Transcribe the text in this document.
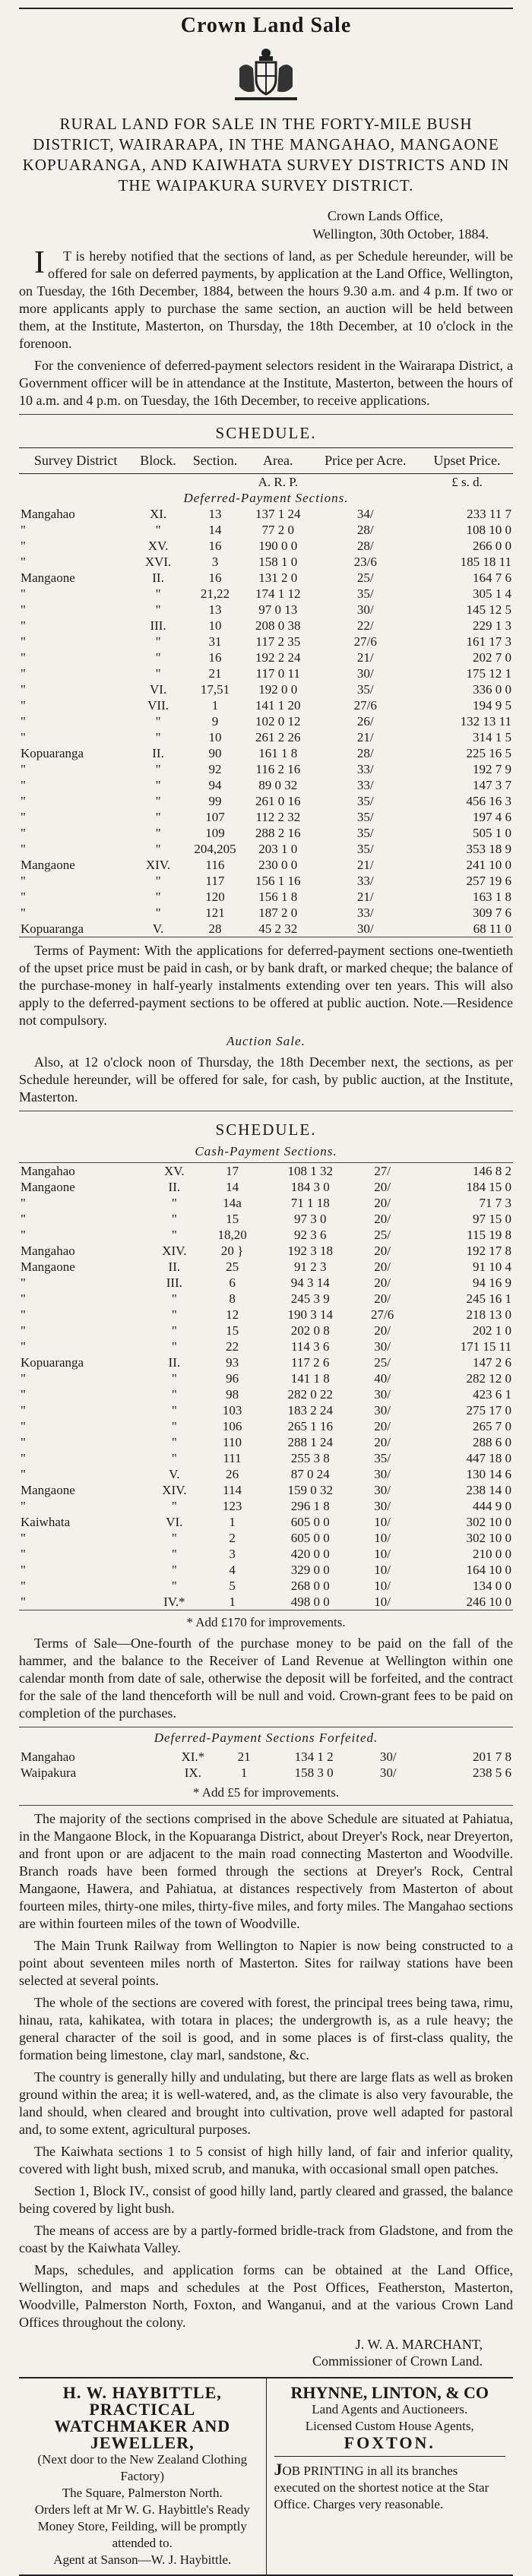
Crown Land Sale
RURAL LAND FOR SALE IN THE FORTY-MILE BUSH DISTRICT, WAIRARAPA, IN THE MANGAHAO, MANGAONE KOPUARANGA, AND KAIWHATA SURVEY DISTRICTS AND IN THE WAIPAKURA SURVEY DISTRICT.
Crown Lands Office,
Wellington, 30th October, 1884.

IT is hereby notified that the sections of land, as per Schedule hereunder, will be offered for sale on deferred payments, by application at the Land Office, Wellington, on Tuesday, the 16th December, 1884, between the hours 9.30 a.m. and 4 p.m. If two or more applicants apply to purchase the same section, an auction will be held between them, at the Institute, Masterton, on Thursday, the 18th December, at 10 o'clock in the forenoon.

For the convenience of deferred-payment selectors resident in the Wairarapa District, a Government officer will be in attendance at the Institute, Masterton, between the hours of 10 a.m. and 4 p.m. on Tuesday, the 16th December, to receive applications.

SCHEDULE.
Survey District	Block.	Section.	Area.	Price per Acre.	Upset Price.
			A. R. P.		£ s. d.
Deferred-Payment Sections.					
Mangahao	XI.	13	137 1 24	34/	233 11 7
"	"	14	77 2 0	28/	108 10 0
"	XV.	16	190 0 0	28/	266 0 0
"	XVI.	3	158 1 0	23/6	185 18 11
Mangaone	II.	16	131 2 0	25/	164 7 6
"	"	21,22	174 1 12	35/	305 1 4
"	"	13	97 0 13	30/	145 12 5
"	III.	10	208 0 38	22/	229 1 3
"	"	31	117 2 35	27/6	161 17 3
"	"	16	192 2 24	21/	202 7 0
"	"	21	117 0 11	30/	175 12 1
"	VI.	17,51	192 0 0	35/	336 0 0
"	VII.	1	141 1 20	27/6	194 9 5
"	"	9	102 0 12	26/	132 13 11
"	"	10	261 2 26	21/	314 1 5
Kopuaranga	II.	90	161 1 8	28/	225 16 5
"	"	92	116 2 16	33/	192 7 9
"	"	94	89 0 32	33/	147 3 7
"	"	99	261 0 16	35/	456 16 3
"	"	107	112 2 32	35/	197 4 6
"	"	109	288 2 16	35/	505 1 0
"	"	204,205	203 1 0	35/	353 18 9
Mangaone	XIV.	116	230 0 0	21/	241 10 0
"	"	117	156 1 16	33/	257 19 6
"	"	120	156 1 8	21/	163 1 8
"	"	121	187 2 0	33/	309 7 6
Kopuaranga	V.	28	45 2 32	30/	68 11 0

Terms of Payment: With the applications for deferred-payment sections one-twentieth of the upset price must be paid in cash, or by bank draft, or marked cheque; the balance of the purchase-money in half-yearly instalments extending over ten years. This will also apply to the deferred-payment sections to be offered at public auction. Note.—Residence not compulsory.

Auction Sale.

Also, at 12 o'clock noon of Thursday, the 18th December next, the sections, as per Schedule hereunder, will be offered for sale, for cash, by public auction, at the Institute, Masterton.

SCHEDULE.
Cash-Payment Sections.
Mangahao	XV.	17	108 1 32	27/	146 8 2
Mangaone	II.	14	184 3 0	20/	184 15 0
"	"	14a	71 1 18	20/	71 7 3
"	"	15	97 3 0	20/	97 15 0
"	"	18,20	92 3 6	25/	115 19 8
Mangahao	XIV.	20 }	192 3 18	20/	192 17 8
Mangaone	II.	25	91 2 3	20/	91 10 4
"	III.	6	94 3 14	20/	94 16 9
"	"	8	245 3 9	20/	245 16 1
"	"	12	190 3 14	27/6	218 13 0
"	"	15	202 0 8	20/	202 1 0
"	"	22	114 3 6	30/	171 15 11
Kopuaranga	II.	93	117 2 6	25/	147 2 6
"	"	96	141 1 8	40/	282 12 0
"	"	98	282 0 22	30/	423 6 1
"	"	103	183 2 24	30/	275 17 0
"	"	106	265 1 16	20/	265 7 0
"	"	110	288 1 24	20/	288 6 0
"	"	111	255 3 8	35/	447 18 0
"	V.	26	87 0 24	30/	130 14 6
Mangaone	XIV.	114	159 0 32	30/	238 14 0
"	"	123	296 1 8	30/	444 9 0
Kaiwhata	VI.	1	605 0 0	10/	302 10 0
"	"	2	605 0 0	10/	302 10 0
"	"	3	420 0 0	10/	210 0 0
"	"	4	329 0 0	10/	164 10 0
"	"	5	268 0 0	10/	134 0 0
"	IV.*	1	498 0 0	10/	246 10 0
* Add £170 for improvements.

Terms of Sale—One-fourth of the purchase money to be paid on the fall of the hammer, and the balance to the Receiver of Land Revenue at Wellington within one calendar month from date of sale, otherwise the deposit will be forfeited, and the contract for the sale of the land thenceforth will be null and void. Crown-grant fees to be paid on completion of the purchases.

Deferred-Payment Sections Forfeited.
Mangahao	XI.*	21	134 1 2	30/	201 7 8
Waipakura	IX.	1	158 3 0	30/	238 5 6
* Add £5 for improvements.

The majority of the sections comprised in the above Schedule are situated at Pahiatua, in the Mangaone Block, in the Kopuaranga District, about Dreyer's Rock, near Dreyerton, and front upon or are adjacent to the main road connecting Masterton and Woodville. Branch roads have been formed through the sections at Dreyer's Rock, Central Mangaone, Hawera, and Pahiatua, at distances respectively from Masterton of about fourteen miles, thirty-one miles, thirty-five miles, and forty miles. The Mangahao sections are within fourteen miles of the town of Woodville.

The Main Trunk Railway from Wellington to Napier is now being constructed to a point about seventeen miles north of Masterton. Sites for railway stations have been selected at several points.

The whole of the sections are covered with forest, the principal trees being tawa, rimu, hinau, rata, kahikatea, with totara in places; the undergrowth is, as a rule heavy; the general character of the soil is good, and in some places is of first-class quality, the formation being limestone, clay marl, sandstone, &c.

The country is generally hilly and undulating, but there are large flats as well as broken ground within the area; it is well-watered, and, as the climate is also very favourable, the land should, when cleared and brought into cultivation, prove well adapted for pastoral and, to some extent, agricultural purposes.

The Kaiwhata sections 1 to 5 consist of high hilly land, of fair and inferior quality, covered with light bush, mixed scrub, and manuka, with occasional small open patches.

Section 1, Block IV., consist of good hilly land, partly cleared and grassed, the balance being covered by light bush.

The means of access are by a partly-formed bridle-track from Gladstone, and from the coast by the Kaiwhata Valley.

Maps, schedules, and application forms can be obtained at the Land Office, Wellington, and maps and schedules at the Post Offices, Featherston, Masterton, Woodville, Palmerston North, Foxton, and Wanganui, and at the various Crown Land Offices throughout the colony.

J. W. A. MARCHANT,
Commissioner of Crown Land.
H. W. HAYBITTLE,
PRACTICAL WATCHMAKER AND JEWELLER,
(Next door to the New Zealand Clothing Factory)
The Square, Palmerston North.
Orders left at Mr W. G. Haybittle's Ready Money Store, Feilding, will be promptly attended to.
Agent at Sanson—W. J. Haybittle.
RHYNNE, LINTON, & CO
Land Agents and Auctioneers.
Licensed Custom House Agents,
FOXTON.
JOB PRINTING in all its branches executed on the shortest notice at the Star Office. Charges very reasonable.
